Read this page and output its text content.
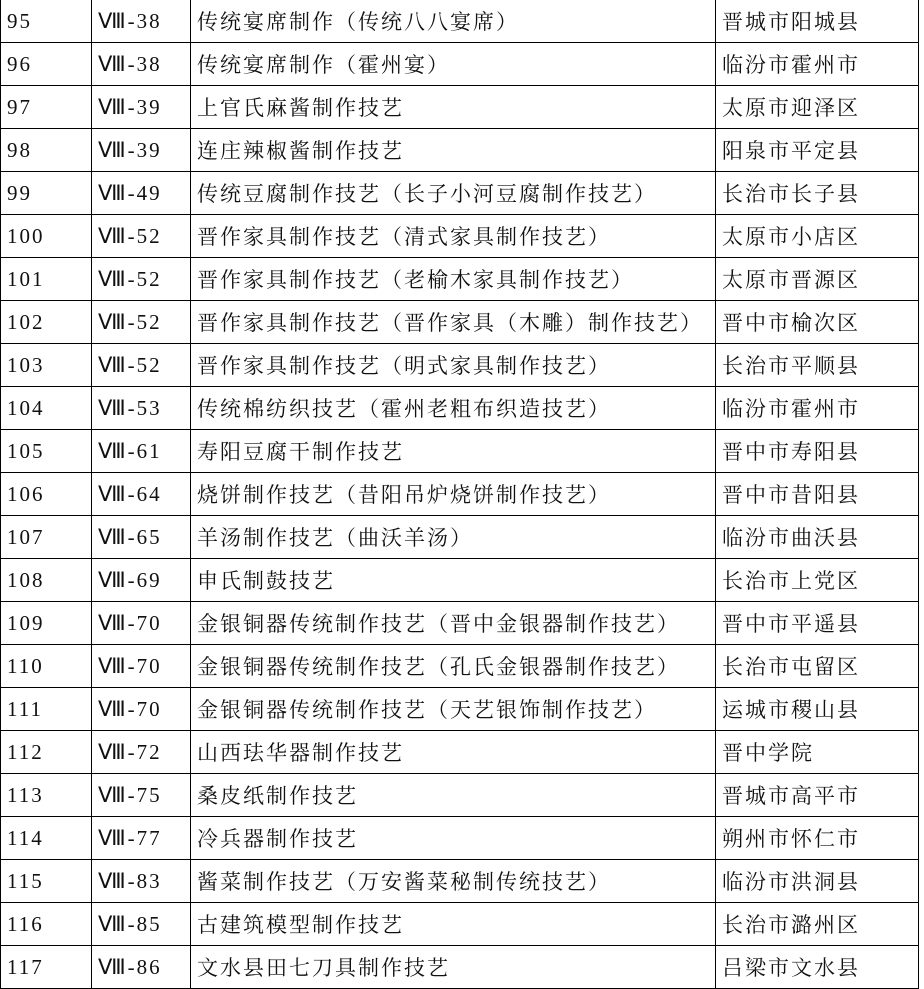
95	Ⅷ-38	传统宴席制作（传统八八宴席）	晋城市阳城县
96	Ⅷ-38	传统宴席制作（霍州宴）	临汾市霍州市
97	Ⅷ-39	上官氏麻酱制作技艺	太原市迎泽区
98	Ⅷ-39	连庄辣椒酱制作技艺	阳泉市平定县
99	Ⅷ-49	传统豆腐制作技艺（长子小河豆腐制作技艺）	长治市长子县
100	Ⅷ-52	晋作家具制作技艺（清式家具制作技艺）	太原市小店区
101	Ⅷ-52	晋作家具制作技艺（老榆木家具制作技艺）	太原市晋源区
102	Ⅷ-52	晋作家具制作技艺（晋作家具（木雕）制作技艺）	晋中市榆次区
103	Ⅷ-52	晋作家具制作技艺（明式家具制作技艺）	长治市平顺县
104	Ⅷ-53	传统棉纺织技艺（霍州老粗布织造技艺）	临汾市霍州市
105	Ⅷ-61	寿阳豆腐干制作技艺	晋中市寿阳县
106	Ⅷ-64	烧饼制作技艺（昔阳吊炉烧饼制作技艺）	晋中市昔阳县
107	Ⅷ-65	羊汤制作技艺（曲沃羊汤）	临汾市曲沃县
108	Ⅷ-69	申氏制鼓技艺	长治市上党区
109	Ⅷ-70	金银铜器传统制作技艺（晋中金银器制作技艺）	晋中市平遥县
110	Ⅷ-70	金银铜器传统制作技艺（孔氏金银器制作技艺）	长治市屯留区
111	Ⅷ-70	金银铜器传统制作技艺（天艺银饰制作技艺）	运城市稷山县
112	Ⅷ-72	山西珐华器制作技艺	晋中学院
113	Ⅷ-75	桑皮纸制作技艺	晋城市高平市
114	Ⅷ-77	冷兵器制作技艺	朔州市怀仁市
115	Ⅷ-83	酱菜制作技艺（万安酱菜秘制传统技艺）	临汾市洪洞县
116	Ⅷ-85	古建筑模型制作技艺	长治市潞州区
117	Ⅷ-86	文水县田七刀具制作技艺	吕梁市文水县
